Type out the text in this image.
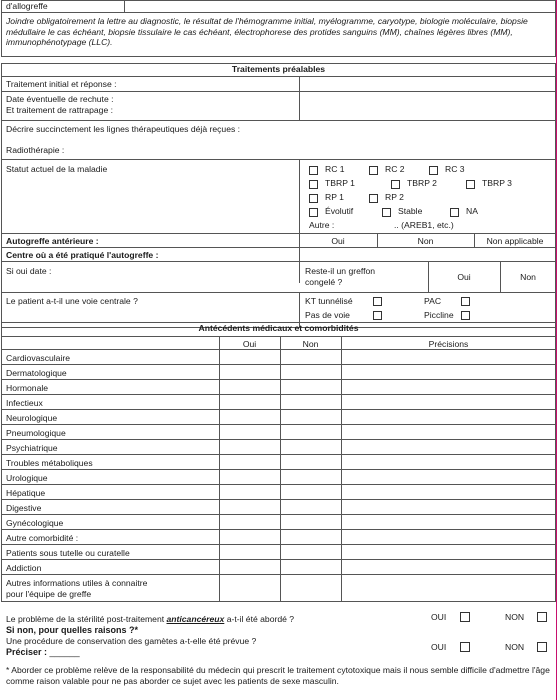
d'allogreffe
Joindre obligatoirement la lettre au diagnostic, le résultat de l'hémogramme initial, myélogramme, caryotype, biologie moléculaire, biopsie médullaire le cas échéant, biopsie tissulaire le cas échéant, électrophorese des protides sanguins (MM), chaînes légères libres (MM), immunophénotypage (LLC).
Traitements préalables
Traitement initial et réponse :
Date éventuelle de rechute :
Et traitement de rattrapage :
Décrire succinctement les lignes thérapeutiques déjà reçues :
Radiothérapie :
Statut actuel de la maladie	RC 1	RC 2	RC 3
TBRP 1	TBRP 2	TBRP 3
RP 1	RP 2
Évolutif	Stable	NA
Autre :	.. (AREB1, etc.)
Autogreffe antérieure :	Oui	Non	Non applicable
Centre où a été pratiqué l'autogreffe :
Si oui date :	Reste-il un greffon
congelé ?	Oui	Non
Le patient a-t-il une voie centrale ?	KT tunnélisé	PAC
Pas de voie	Piccline
Antécédents médicaux et comorbidités
Oui	Non	Précisions
Cardiovasculaire
Dermatologique
Hormonale
Infectieux
Neurologique
Pneumologique
Psychiatrique
Troubles métaboliques
Urologique
Hépatique
Digestive
Gynécologique
Autre comorbidité :
Patients sous tutelle ou curatelle
Addiction
Autres informations utiles à connaitre
pour l'équipe de greffe
Le problème de la stérilité post-traitement anticancéreux a-t-il été abordé ?
Si non, pour quelles raisons ?*
Une procédure de conservation des gamètes a-t-elle été prévue ?
Préciser : ______
OUI	NON
OUI	NON
* Aborder ce problème relève de la responsabilité du médecin qui prescrit le traitement cytotoxique mais il nous semble difficile d'admettre l'âge comme raison valable pour ne pas aborder ce sujet avec les patients de sexe masculin.
